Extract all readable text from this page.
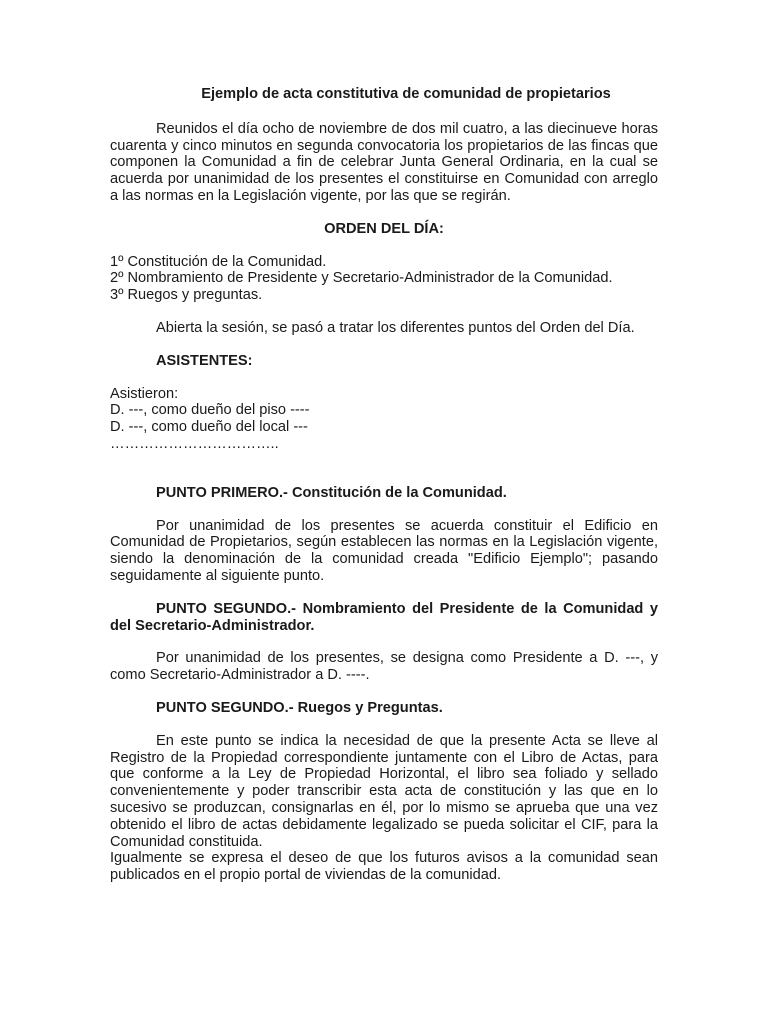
Ejemplo de acta constitutiva de comunidad de propietarios

Reunidos el día ocho de noviembre de dos mil cuatro, a las diecinueve horas cuarenta y cinco minutos en segunda convocatoria los propietarios de las fincas que componen la Comunidad a fin de celebrar Junta General Ordinaria, en la cual se acuerda por unanimidad de los presentes el constituirse en Comunidad con arreglo a las normas en la Legislación vigente, por las que se regirán.

ORDEN DEL DÍA:

1º Constitución de la Comunidad.
2º Nombramiento de Presidente y Secretario-Administrador de la Comunidad.
3º Ruegos y preguntas.

Abierta la sesión, se pasó a tratar los diferentes puntos del Orden del Día.

ASISTENTES:

Asistieron:
D. ---, como dueño del piso ----
D. ---, como dueño del local ---
……………………………..

PUNTO PRIMERO.- Constitución de la Comunidad.

Por unanimidad de los presentes se acuerda constituir el Edificio en Comunidad de Propietarios, según establecen las normas en la Legislación vigente, siendo la denominación de la comunidad creada "Edificio Ejemplo"; pasando seguidamente al siguiente punto.

PUNTO SEGUNDO.- Nombramiento del Presidente de la Comunidad y del Secretario-Administrador.

Por unanimidad de los presentes, se designa como Presidente a D. ---, y como Secretario-Administrador a D. ----.

PUNTO SEGUNDO.- Ruegos y Preguntas.

En este punto se indica la necesidad de que la presente Acta se lleve al Registro de la Propiedad correspondiente juntamente con el Libro de Actas, para que conforme a la Ley de Propiedad Horizontal, el libro sea foliado y sellado convenientemente y poder transcribir esta acta de constitución y las que en lo sucesivo se produzcan, consignarlas en él, por lo mismo se aprueba que una vez obtenido el libro de actas debidamente legalizado se pueda solicitar el CIF, para la Comunidad constituida.

Igualmente se expresa el deseo de que los futuros avisos a la comunidad sean publicados en el propio portal de viviendas de la comunidad.
